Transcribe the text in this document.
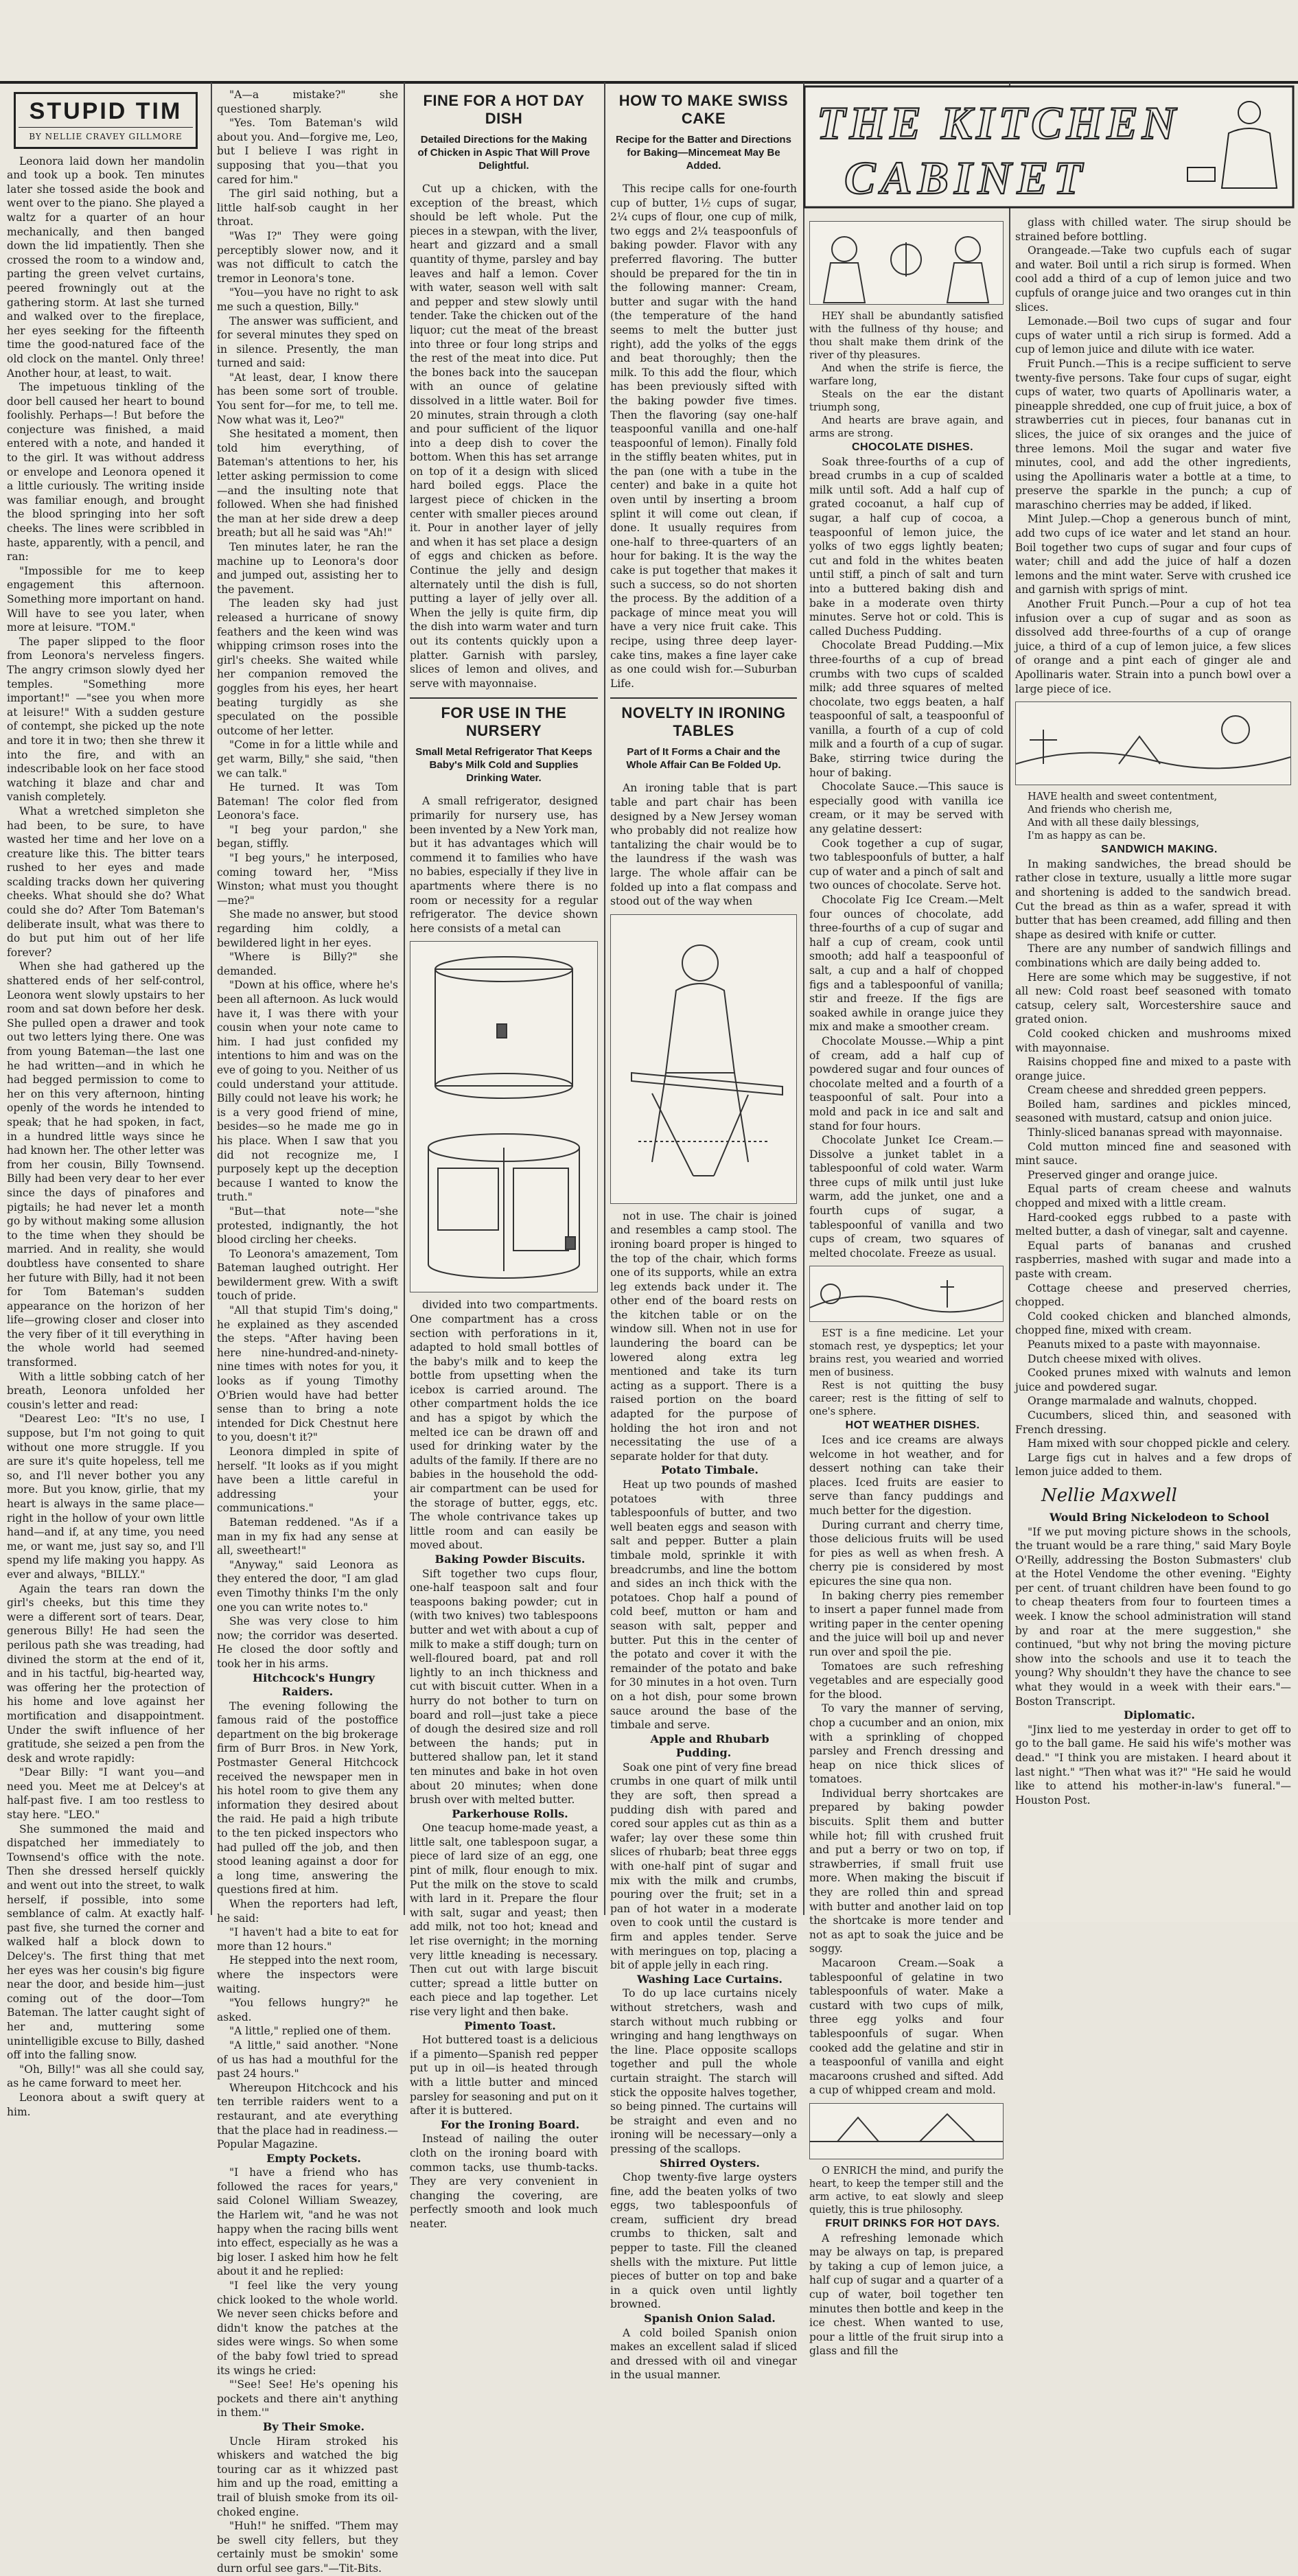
STUPID TIM
BY NELLIE CRAVEY GILLMORE

Leonora laid down her mandolin and took up a book. Ten minutes later she tossed aside the book and went over to the piano. She played a waltz for a quarter of an hour mechanically, and then banged down the lid impatiently. Then she crossed the room to a window and, parting the green velvet curtains, peered frowningly out at the gathering storm. At last she turned and walked over to the fireplace, her eyes seeking for the fifteenth time the good-natured face of the old clock on the mantel. Only three! Another hour, at least, to wait.

The impetuous tinkling of the door bell caused her heart to bound foolishly. Perhaps—! But before the conjecture was finished, a maid entered with a note, and handed it to the girl. It was without address or envelope and Leonora opened it a little curiously. The writing inside was familiar enough, and brought the blood springing into her soft cheeks. The lines were scribbled in haste, apparently, with a pencil, and ran:

"Impossible for me to keep engagement this afternoon. Something more important on hand. Will have to see you later, when more at leisure. "TOM."

The paper slipped to the floor from Leonora's nerveless fingers. The angry crimson slowly dyed her temples. "Something more important!" —"see you when more at leisure!" With a sudden gesture of contempt, she picked up the note and tore it in two; then she threw it into the fire, and with an indescribable look on her face stood watching it blaze and char and vanish completely.

What a wretched simpleton she had been, to be sure, to have wasted her time and her love on a creature like this. The bitter tears rushed to her eyes and made scalding tracks down her quivering cheeks. What should she do? What could she do? After Tom Bateman's deliberate insult, what was there to do but put him out of her life forever?

When she had gathered up the shattered ends of her self-control, Leonora went slowly upstairs to her room and sat down before her desk. She pulled open a drawer and took out two letters lying there. One was from young Bateman—the last one he had written—and in which he had begged permission to come to her on this very afternoon, hinting openly of the words he intended to speak; that he had spoken, in fact, in a hundred little ways since he had known her. The other letter was from her cousin, Billy Townsend. Billy had been very dear to her ever since the days of pinafores and pigtails; he had never let a month go by without making some allusion to the time when they should be married. And in reality, she would doubtless have consented to share her future with Billy, had it not been for Tom Bateman's sudden appearance on the horizon of her life—growing closer and closer into the very fiber of it till everything in the whole world had seemed transformed.

With a little sobbing catch of her breath, Leonora unfolded her cousin's letter and read:

"Dearest Leo: "It's no use, I suppose, but I'm not going to quit without one more struggle. If you are sure it's quite hopeless, tell me so, and I'll never bother you any more. But you know, girlie, that my heart is always in the same place—right in the hollow of your own little hand—and if, at any time, you need me, or want me, just say so, and I'll spend my life making you happy. As ever and always, "BILLY."

Again the tears ran down the girl's cheeks, but this time they were a different sort of tears. Dear, generous Billy! He had seen the perilous path she was treading, had divined the storm at the end of it, and in his tactful, big-hearted way, was offering her the protection of his home and love against her mortification and disappointment. Under the swift influence of her gratitude, she seized a pen from the desk and wrote rapidly:

"Dear Billy: "I want you—and need you. Meet me at Delcey's at half-past five. I am too restless to stay here. "LEO."

She summoned the maid and dispatched her immediately to Townsend's office with the note. Then she dressed herself quickly and went out into the street, to walk herself, if possible, into some semblance of calm. At exactly half-past five, she turned the corner and walked half a block down to Delcey's. The first thing that met her eyes was her cousin's big figure near the door, and beside him—just coming out of the door—Tom Bateman. The latter caught sight of her and, muttering some unintelligible excuse to Billy, dashed off into the falling snow.

"Oh, Billy!" was all she could say, as he came forward to meet her.

Leonora about a swift query at him.

"A—a mistake?" she questioned sharply.

"Yes. Tom Bateman's wild about you. And—forgive me, Leo, but I believe I was right in supposing that you—that you cared for him."

The girl said nothing, but a little half-sob caught in her throat.

"Was I?" They were going perceptibly slower now, and it was not difficult to catch the tremor in Leonora's tone.

"You—you have no right to ask me such a question, Billy."

The answer was sufficient, and for several minutes they sped on in silence. Presently, the man turned and said:

"At least, dear, I know there has been some sort of trouble. You sent for—for me, to tell me. Now what was it, Leo?"

She hesitated a moment, then told him everything, of Bateman's attentions to her, his letter asking permission to come—and the insulting note that followed. When she had finished the man at her side drew a deep breath; but all he said was "Ah!"

Ten minutes later, he ran the machine up to Leonora's door and jumped out, assisting her to the pavement.

The leaden sky had just released a hurricane of snowy feathers and the keen wind was whipping crimson roses into the girl's cheeks. She waited while her companion removed the goggles from his eyes, her heart beating turgidly as she speculated on the possible outcome of her letter.

"Come in for a little while and get warm, Billy," she said, "then we can talk."

He turned. It was Tom Bateman! The color fled from Leonora's face.

"I beg your pardon," she began, stiffly.

"I beg yours," he interposed, coming toward her, "Miss Winston; what must you thought—me?"

She made no answer, but stood regarding him coldly, a bewildered light in her eyes.

"Where is Billy?" she demanded.

"Down at his office, where he's been all afternoon. As luck would have it, I was there with your cousin when your note came to him. I had just confided my intentions to him and was on the eve of going to you. Neither of us could understand your attitude. Billy could not leave his work; he is a very good friend of mine, besides—so he made me go in his place. When I saw that you did not recognize me, I purposely kept up the deception because I wanted to know the truth."

"But—that note—"she protested, indignantly, the hot blood circling her cheeks.

To Leonora's amazement, Tom Bateman laughed outright. Her bewilderment grew. With a swift touch of pride.

"All that stupid Tim's doing," he explained as they ascended the steps. "After having been here nine-hundred-and-ninety-nine times with notes for you, it looks as if young Timothy O'Brien would have had better sense than to bring a note intended for Dick Chestnut here to you, doesn't it?"

Leonora dimpled in spite of herself. "It looks as if you might have been a little careful in addressing your communications."

Bateman reddened. "As if a man in my fix had any sense at all, sweetheart!"

"Anyway," said Leonora as they entered the door, "I am glad even Timothy thinks I'm the only one you can write notes to."

She was very close to him now; the corridor was deserted. He closed the door softly and took her in his arms.

Hitchcock's Hungry Raiders.

The evening following the famous raid of the postoffice department on the big brokerage firm of Burr Bros. in New York, Postmaster General Hitchcock received the newspaper men in his hotel room to give them any information they desired about the raid. He paid a high tribute to the ten picked inspectors who had pulled off the job, and then stood leaning against a door for a long time, answering the questions fired at him.

When the reporters had left, he said:

"I haven't had a bite to eat for more than 12 hours."

He stepped into the next room, where the inspectors were waiting.

"You fellows hungry?" he asked.

"A little," replied one of them.

"A little," said another. "None of us has had a mouthful for the past 24 hours."

Whereupon Hitchcock and his ten terrible raiders went to a restaurant, and ate everything that the place had in readiness.—Popular Magazine.

Empty Pockets.

"I have a friend who has followed the races for years," said Colonel William Sweazey, the Harlem wit, "and he was not happy when the racing bills went into effect, especially as he was a big loser. I asked him how he felt about it and he replied:

"I feel like the very young chick looked to the whole world. We never seen chicks before and didn't know the patches at the sides were wings. So when some of the baby fowl tried to spread its wings he cried:

"'See! See! He's opening his pockets and there ain't anything in them.'"

By Their Smoke.

Uncle Hiram stroked his whiskers and watched the big touring car as it whizzed past him and up the road, emitting a trail of bluish smoke from its oil-choked engine.

"Huh!" he sniffed. "Them may be swell city fellers, but they certainly must be smokin' some durn orful see gars."—Tit-Bits.

FINE FOR A HOT DAY DISH
Detailed Directions for the Making of Chicken in Aspic That Will Prove Delightful.

Cut up a chicken, with the exception of the breast, which should be left whole. Put the pieces in a stewpan, with the liver, heart and gizzard and a small quantity of thyme, parsley and bay leaves and half a lemon. Cover with water, season well with salt and pepper and stew slowly until tender. Take the chicken out of the liquor; cut the meat of the breast into three or four long strips and the rest of the meat into dice. Put the bones back into the saucepan with an ounce of gelatine dissolved in a little water. Boil for 20 minutes, strain through a cloth and pour sufficient of the liquor into a deep dish to cover the bottom. When this has set arrange on top of it a design with sliced hard boiled eggs. Place the largest piece of chicken in the center with smaller pieces around it. Pour in another layer of jelly and when it has set place a design of eggs and chicken as before. Continue the jelly and design alternately until the dish is full, putting a layer of jelly over all. When the jelly is quite firm, dip the dish into warm water and turn out its contents quickly upon a platter. Garnish with parsley, slices of lemon and olives, and serve with mayonnaise.

FOR USE IN THE NURSERY
Small Metal Refrigerator That Keeps Baby's Milk Cold and Supplies Drinking Water.

A small refrigerator, designed primarily for nursery use, has been invented by a New York man, but it has advantages which will commend it to families who have no babies, especially if they live in apartments where there is no room or necessity for a regular refrigerator. The device shown here consists of a metal can

divided into two compartments. One compartment has a cross section with perforations in it, adapted to hold small bottles of the baby's milk and to keep the bottle from upsetting when the icebox is carried around. The other compartment holds the ice and has a spigot by which the melted ice can be drawn off and used for drinking water by the adults of the family. If there are no babies in the household the odd-air compartment can be used for the storage of butter, eggs, etc. The whole contrivance takes up little room and can easily be moved about.

Baking Powder Biscuits.

Sift together two cups flour, one-half teaspoon salt and four teaspoons baking powder; cut in (with two knives) two tablespoons butter and wet with about a cup of milk to make a stiff dough; turn on well-floured board, pat and roll lightly to an inch thickness and cut with biscuit cutter. When in a hurry do not bother to turn on board and roll—just take a piece of dough the desired size and roll between the hands; put in buttered shallow pan, let it stand ten minutes and bake in hot oven about 20 minutes; when done brush over with melted butter.

Parkerhouse Rolls.

One teacup home-made yeast, a little salt, one tablespoon sugar, a piece of lard size of an egg, one pint of milk, flour enough to mix. Put the milk on the stove to scald with lard in it. Prepare the flour with salt, sugar and yeast; then add milk, not too hot; knead and let rise overnight; in the morning very little kneading is necessary. Then cut out with large biscuit cutter; spread a little butter on each piece and lap together. Let rise very light and then bake.

Pimento Toast.

Hot buttered toast is a delicious if a pimento—Spanish red pepper put up in oil—is heated through with a little butter and minced parsley for seasoning and put on it after it is buttered.

For the Ironing Board.

Instead of nailing the outer cloth on the ironing board with common tacks, use thumb-tacks. They are very convenient in changing the covering, are perfectly smooth and look much neater.

HOW TO MAKE SWISS CAKE
Recipe for the Batter and Directions for Baking—Mincemeat May Be Added.

This recipe calls for one-fourth cup of butter, 1½ cups of sugar, 2¼ cups of flour, one cup of milk, two eggs and 2¼ teaspoonfuls of baking powder. Flavor with any preferred flavoring. The butter should be prepared for the tin in the following manner: Cream, butter and sugar with the hand (the temperature of the hand seems to melt the butter just right), add the yolks of the eggs and beat thoroughly; then the milk. To this add the flour, which has been previously sifted with the baking powder five times. Then the flavoring (say one-half teaspoonful vanilla and one-half teaspoonful of lemon). Finally fold in the stiffly beaten whites, put in the pan (one with a tube in the center) and bake in a quite hot oven until by inserting a broom splint it will come out clean, if done. It usually requires from one-half to three-quarters of an hour for baking. It is the way the cake is put together that makes it such a success, so do not shorten the process. By the addition of a package of mince meat you will have a very nice fruit cake. This recipe, using three deep layer-cake tins, makes a fine layer cake as one could wish for.—Suburban Life.

NOVELTY IN IRONING TABLES
Part of It Forms a Chair and the Whole Affair Can Be Folded Up.

An ironing table that is part table and part chair has been designed by a New Jersey woman who probably did not realize how tantalizing the chair would be to the laundress if the wash was large. The whole affair can be folded up into a flat compass and stood out of the way when

not in use. The chair is joined and resembles a camp stool. The ironing board proper is hinged to the top of the chair, which forms one of its supports, while an extra leg extends back under it. The other end of the board rests on the kitchen table or on the window sill. When not in use for laundering the board can be lowered along extra leg mentioned and take its turn acting as a support. There is a raised portion on the board adapted for the purpose of holding the hot iron and not necessitating the use of a separate holder for that duty.

Potato Timbale.

Heat up two pounds of mashed potatoes with three tablespoonfuls of butter, and two well beaten eggs and season with salt and pepper. Butter a plain timbale mold, sprinkle it with breadcrumbs, and line the bottom and sides an inch thick with the potatoes. Chop half a pound of cold beef, mutton or ham and season with salt, pepper and butter. Put this in the center of the potato and cover it with the remainder of the potato and bake for 30 minutes in a hot oven. Turn on a hot dish, pour some brown sauce around the base of the timbale and serve.

Apple and Rhubarb Pudding.

Soak one pint of very fine bread crumbs in one quart of milk until they are soft, then spread a pudding dish with pared and cored sour apples cut as thin as a wafer; lay over these some thin slices of rhubarb; beat three eggs with one-half pint of sugar and mix with the milk and crumbs, pouring over the fruit; set in a pan of hot water in a moderate oven to cook until the custard is firm and apples tender. Serve with meringues on top, placing a bit of apple jelly in each ring.

Washing Lace Curtains.

To do up lace curtains nicely without stretchers, wash and starch without much rubbing or wringing and hang lengthways on the line. Place opposite scallops together and pull the whole curtain straight. The starch will stick the opposite halves together, so being pinned. The curtains will be straight and even and no ironing will be necessary—only a pressing of the scallops.

Shirred Oysters.

Chop twenty-five large oysters fine, add the beaten yolks of two eggs, two tablespoonfuls of cream, sufficient dry bread crumbs to thicken, salt and pepper to taste. Fill the cleaned shells with the mixture. Put little pieces of butter on top and bake in a quick oven until lightly browned.

Spanish Onion Salad.

A cold boiled Spanish onion makes an excellent salad if sliced and dressed with oil and vinegar in the usual manner.

THE KITCHEN
CABINET

HEY shall be abundantly satisfied with the fullness of thy house; and thou shalt make them drink of the river of thy pleasures.

And when the strife is fierce, the warfare long,

Steals on the ear the distant triumph song,

And hearts are brave again, and arms are strong.

CHOCOLATE DISHES.

Soak three-fourths of a cup of bread crumbs in a cup of scalded milk until soft. Add a half cup of grated cocoanut, a half cup of sugar, a half cup of cocoa, a teaspoonful of lemon juice, the yolks of two eggs lightly beaten; cut and fold in the whites beaten until stiff, a pinch of salt and turn into a buttered baking dish and bake in a moderate oven thirty minutes. Serve hot or cold. This is called Duchess Pudding.

Chocolate Bread Pudding.—Mix three-fourths of a cup of bread crumbs with two cups of scalded milk; add three squares of melted chocolate, two eggs beaten, a half teaspoonful of salt, a teaspoonful of vanilla, a fourth of a cup of cold milk and a fourth of a cup of sugar. Bake, stirring twice during the hour of baking.

Chocolate Sauce.—This sauce is especially good with vanilla ice cream, or it may be served with any gelatine dessert:

Cook together a cup of sugar, two tablespoonfuls of butter, a half cup of water and a pinch of salt and two ounces of chocolate. Serve hot.

Chocolate Fig Ice Cream.—Melt four ounces of chocolate, add three-fourths of a cup of sugar and half a cup of cream, cook until smooth; add half a teaspoonful of salt, a cup and a half of chopped figs and a tablespoonful of vanilla; stir and freeze. If the figs are soaked awhile in orange juice they mix and make a smoother cream.

Chocolate Mousse.—Whip a pint of cream, add a half cup of powdered sugar and four ounces of chocolate melted and a fourth of a teaspoonful of salt. Pour into a mold and pack in ice and salt and stand for four hours.

Chocolate Junket Ice Cream.—Dissolve a junket tablet in a tablespoonful of cold water. Warm three cups of milk until just luke warm, add the junket, one and a fourth cups of sugar, a tablespoonful of vanilla and two cups of cream, two squares of melted chocolate. Freeze as usual.

EST is a fine medicine. Let your stomach rest, ye dyspeptics; let your brains rest, you wearied and worried men of business.

Rest is not quitting the busy career; rest is the fitting of self to one's sphere.

HOT WEATHER DISHES.

Ices and ice creams are always welcome in hot weather, and for dessert nothing can take their places. Iced fruits are easier to serve than fancy puddings and much better for the digestion.

During currant and cherry time, those delicious fruits will be used for pies as well as when fresh. A cherry pie is considered by most epicures the sine qua non.

In baking cherry pies remember to insert a paper funnel made from writing paper in the center opening and the juice will boil up and never run over and spoil the pie.

Tomatoes are such refreshing vegetables and are especially good for the blood.

To vary the manner of serving, chop a cucumber and an onion, mix with a sprinkling of chopped parsley and French dressing and heap on nice thick slices of tomatoes.

Individual berry shortcakes are prepared by baking powder biscuits. Split them and butter while hot; fill with crushed fruit and put a berry or two on top, if strawberries, if small fruit use more. When making the biscuit if they are rolled thin and spread with butter and another laid on top the shortcake is more tender and not as apt to soak the juice and be soggy.

Macaroon Cream.—Soak a tablespoonful of gelatine in two tablespoonfuls of water. Make a custard with two cups of milk, three egg yolks and four tablespoonfuls of sugar. When cooked add the gelatine and stir in a teaspoonful of vanilla and eight macaroons crushed and sifted. Add a cup of whipped cream and mold.

O ENRICH the mind, and purify the heart, to keep the temper still and the arm active, to eat slowly and sleep quietly, this is true philosophy.

FRUIT DRINKS FOR HOT DAYS.

A refreshing lemonade which may be always on tap, is prepared by taking a cup of lemon juice, a half cup of sugar and a quarter of a cup of water, boil together ten minutes then bottle and keep in the ice chest. When wanted to use, pour a little of the fruit sirup into a glass and fill the

glass with chilled water. The sirup should be strained before bottling.

Orangeade.—Take two cupfuls each of sugar and water. Boil until a rich sirup is formed. When cool add a third of a cup of lemon juice and two cupfuls of orange juice and two oranges cut in thin slices.

Lemonade.—Boil two cups of sugar and four cups of water until a rich sirup is formed. Add a cup of lemon juice and dilute with ice water.

Fruit Punch.—This is a recipe sufficient to serve twenty-five persons. Take four cups of sugar, eight cups of water, two quarts of Apollinaris water, a pineapple shredded, one cup of fruit juice, a box of strawberries cut in pieces, four bananas cut in slices, the juice of six oranges and the juice of three lemons. Moil the sugar and water five minutes, cool, and add the other ingredients, using the Apollinaris water a bottle at a time, to preserve the sparkle in the punch; a cup of maraschino cherries may be added, if liked.

Mint Julep.—Chop a generous bunch of mint, add two cups of ice water and let stand an hour. Boil together two cups of sugar and four cups of water; chill and add the juice of half a dozen lemons and the mint water. Serve with crushed ice and garnish with sprigs of mint.

Another Fruit Punch.—Pour a cup of hot tea infusion over a cup of sugar and as soon as dissolved add three-fourths of a cup of orange juice, a third of a cup of lemon juice, a few slices of orange and a pint each of ginger ale and Apollinaris water. Strain into a punch bowl over a large piece of ice.

HAVE health and sweet contentment,

And friends who cherish me,

And with all these daily blessings,

I'm as happy as can be.

SANDWICH MAKING.

In making sandwiches, the bread should be rather close in texture, usually a little more sugar and shortening is added to the sandwich bread. Cut the bread as thin as a wafer, spread it with butter that has been creamed, add filling and then shape as desired with knife or cutter.

There are any number of sandwich fillings and combinations which are daily being added to.

Here are some which may be suggestive, if not all new: Cold roast beef seasoned with tomato catsup, celery salt, Worcestershire sauce and grated onion.

Cold cooked chicken and mushrooms mixed with mayonnaise.

Raisins chopped fine and mixed to a paste with orange juice.

Cream cheese and shredded green peppers.

Boiled ham, sardines and pickles minced, seasoned with mustard, catsup and onion juice.

Thinly-sliced bananas spread with mayonnaise.

Cold mutton minced fine and seasoned with mint sauce.

Preserved ginger and orange juice.

Equal parts of cream cheese and walnuts chopped and mixed with a little cream.

Hard-cooked eggs rubbed to a paste with melted butter, a dash of vinegar, salt and cayenne.

Equal parts of bananas and crushed raspberries, mashed with sugar and made into a paste with cream.

Cottage cheese and preserved cherries, chopped.

Cold cooked chicken and blanched almonds, chopped fine, mixed with cream.

Peanuts mixed to a paste with mayonnaise.

Dutch cheese mixed with olives.

Cooked prunes mixed with walnuts and lemon juice and powdered sugar.

Orange marmalade and walnuts, chopped.

Cucumbers, sliced thin, and seasoned with French dressing.

Ham mixed with sour chopped pickle and celery.

Large figs cut in halves and a few drops of lemon juice added to them.

Nellie Maxwell

Would Bring Nickelodeon to School

"If we put moving picture shows in the schools, the truant would be a rare thing," said Mary Boyle O'Reilly, addressing the Boston Submasters' club at the Hotel Vendome the other evening. "Eighty per cent. of truant children have been found to go to cheap theaters from four to fourteen times a week. I know the school administration will stand by and roar at the mere suggestion," she continued, "but why not bring the moving picture show into the schools and use it to teach the young? Why shouldn't they have the chance to see what they would in a week with their ears."—Boston Transcript.

Diplomatic.

"Jinx lied to me yesterday in order to get off to go to the ball game. He said his wife's mother was dead." "I think you are mistaken. I heard about it last night." "Then what was it?" "He said he would like to attend his mother-in-law's funeral."—Houston Post.
